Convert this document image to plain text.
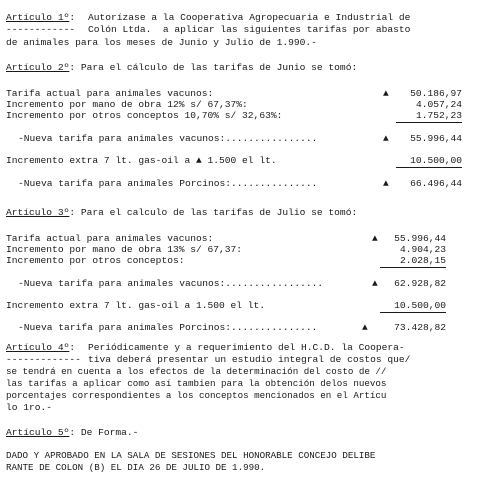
Artículo 1º: Autorízase a la Cooperativa Agropecuaria e Industrial de
------------ Colón Ltda.  a aplicar las siguientes tarifas por abasto
de animales para los meses de Junio y Julio de 1.990.-
Artículo 2º: Para el cálculo de las tarifas de Junio se tomó:
Tarifa actual para animales vacunos:	▲	50.186,97
Incremento por mano de obra 12% s/ 67,37%:	4.057,24
Incremento por otros conceptos 10,70% s/ 32,63%:	1.752,23
-Nueva tarifa para animales vacunos:................	▲	55.996,44
Incremento extra 7 lt. gas-oil a ▲ 1.500 el lt.	10.500,00
-Nueva tarifa para animales Porcinos:...............	▲	66.496,44
Artículo 3º: Para el calculo de las tarifas de Julio se tomó:
Tarifa actual para animales vacunos:	▲	55.996,44
Incremento por mano de obra 13% s/ 67,37:	4.904,23
Incremento por otros conceptos:	2.028,15
-Nueva tarifa para animales vacunos:.................	▲	62.928,82
Incremento extra 7 lt. gas-oil a 1.500 el lt.	10.500,00
-Nueva tarifa para animales Porcinos:...............	▲	73.428,82
Artículo 4º: Periódicamente y a requerimiento del H.C.D. la Coopera-
------------- tiva deberá presentar un estudio integral de costos que/
se tendrá en cuenta a los efectos de la determinación del costo de //
las tarifas a aplicar como así tambien para la obtención delos nuevos
porcentajes correspondientes a los conceptos mencionados en el Artícu
lo 1ro.-
Artículo 5º: De Forma.-
DADO Y APROBADO EN LA SALA DE SESIONES DEL HONORABLE CONCEJO DELIBE
RANTE DE COLON (B) EL DIA 26 DE JULIO DE 1.990.
